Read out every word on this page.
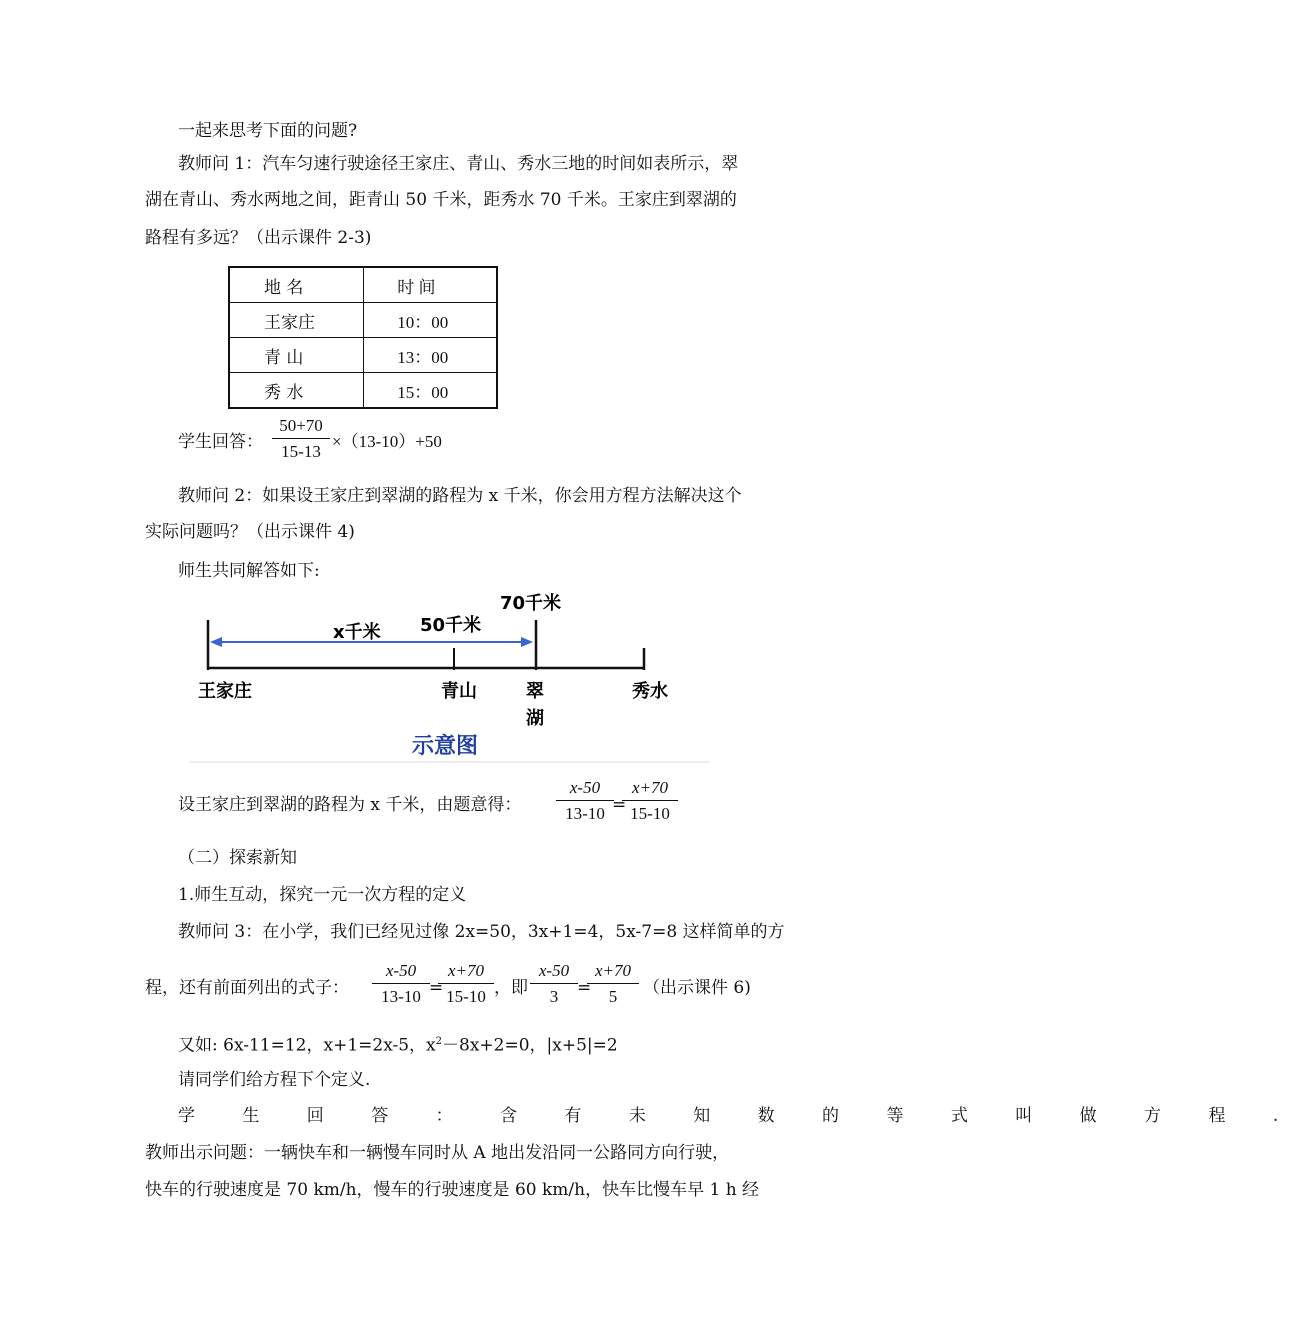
一起来思考下面的问题?
教师问 1：汽车匀速行驶途径王家庄、青山、秀水三地的时间如表所示，翠
湖在青山、秀水两地之间，距青山 50 千米，距秀水 70 千米。王家庄到翠湖的
路程有多远？（出示课件 2-3)
地 名	时 间
王家庄	10：00
青 山	13：00
秀 水	15：00
学生回答： $\frac{50+70}{15-13} \times(13-10)+50$
教师问 2：如果设王家庄到翠湖的路程为 x 千米，你会用方程方法解决这个
实际问题吗？（出示课件 4)
师生共同解答如下:
x千米 50千米
70千米
王家庄	青山	翠
湖
秀水
示意图
设王家庄到翠湖的路程为 x 千米，由题意得： $\frac{x-50}{13-10}$
=
$\frac{x+70}{15-10}$
（二）探索新知
1.师生互动，探究一元一次方程的定义
教师问 3：在小学，我们已经见过像 2x=50，3x+1=4，5x-7=8 这样简单的方
程，还有前面列出的式子： $\frac{x-50}{13-10}$ =
$\frac{x+70}{15-10}$ ，即 $\frac{x-50}{3}$ =
$\frac{x+70}{5}$ （出示课件 6)
又如: 6x-11=12，x+1=2x-5，$x^2-8x+2=0$，|x+5|=2
请同学们给方程下个定义.
学 生 回 答 ： 含 有 未 知 数 的 等 式 叫 做 方 程 .
教师出示问题：一辆快车和一辆慢车同时从 A 地出发沿同一公路同方向行驶，
快车的行驶速度是 70 km/h，慢车的行驶速度是 60 km/h，快车比慢车早 1 h 经
